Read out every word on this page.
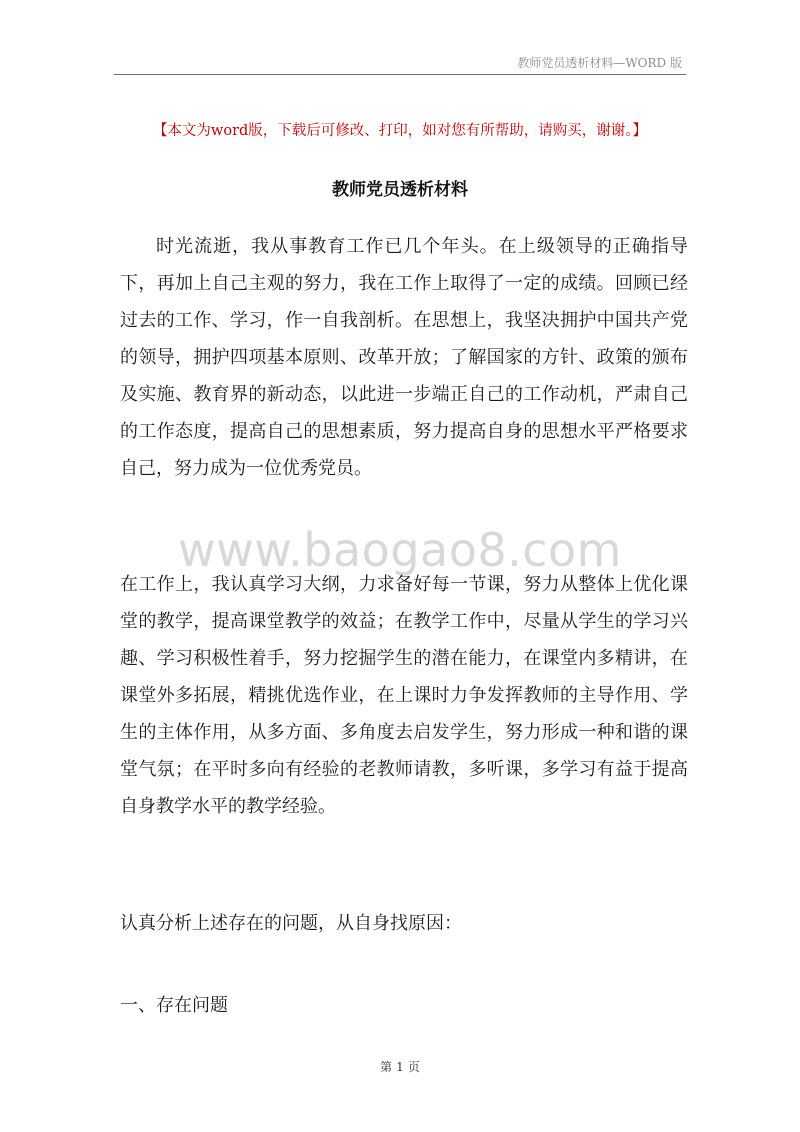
教师党员透析材料—WORD 版
【本文为word版，下载后可修改、打印，如对您有所帮助，请购买，谢谢。】
教师党员透析材料

时光流逝，我从事教育工作已几个年头。在上级领导的正确指导下，再加上自己主观的努力，我在工作上取得了一定的成绩。回顾已经过去的工作、学习，作一自我剖析。在思想上，我坚决拥护中国共产党的领导，拥护四项基本原则、改革开放；了解国家的方针、政策的颁布及实施、教育界的新动态，以此进一步端正自己的工作动机，严肃自己的工作态度，提高自己的思想素质，努力提高自身的思想水平严格要求自己，努力成为一位优秀党员。

www.baogao8.com

在工作上，我认真学习大纲，力求备好每一节课，努力从整体上优化课堂的教学，提高课堂教学的效益；在教学工作中，尽量从学生的学习兴趣、学习积极性着手，努力挖掘学生的潜在能力，在课堂内多精讲，在课堂外多拓展，精挑优选作业，在上课时力争发挥教师的主导作用、学生的主体作用，从多方面、多角度去启发学生，努力形成一种和谐的课堂气氛；在平时多向有经验的老教师请教，多听课，多学习有益于提高自身教学水平的教学经验。

认真分析上述存在的问题，从自身找原因：

一、存在问题

第 1 页
